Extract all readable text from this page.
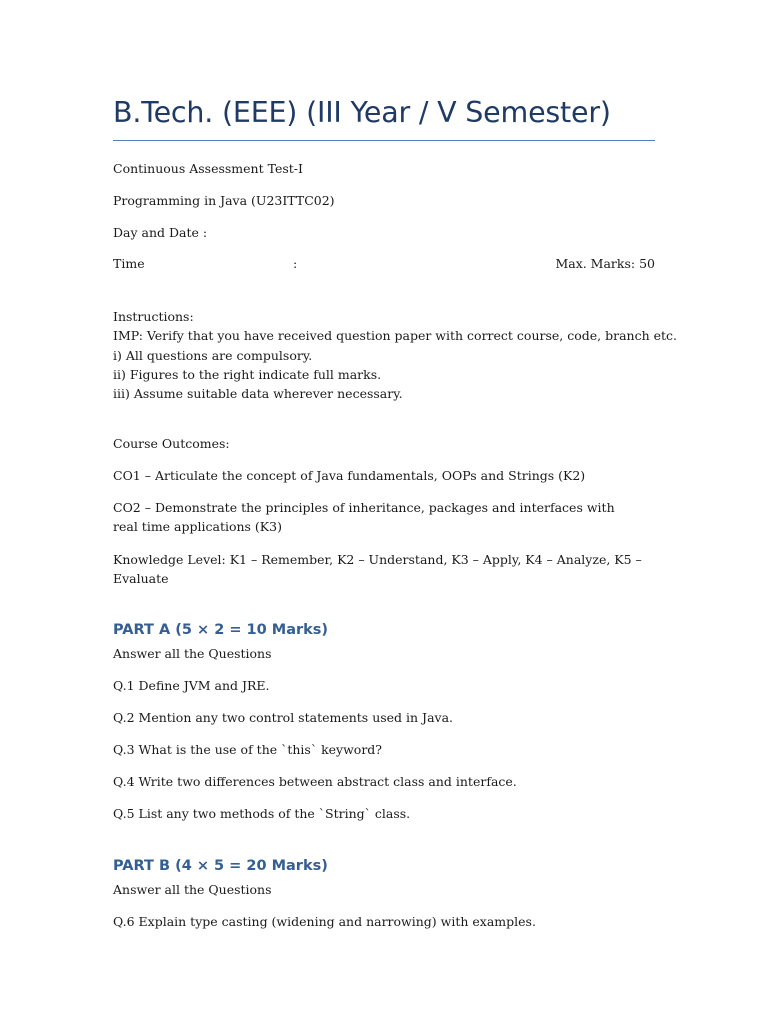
B.Tech. (EEE) (III Year / V Semester)
Continuous Assessment Test-I
Programming in Java (U23ITTC02)
Day and Date :
Time	:	Max. Marks: 50
Instructions:
IMP: Verify that you have received question paper with correct course, code, branch etc.
i) All questions are compulsory.
ii) Figures to the right indicate full marks.
iii) Assume suitable data wherever necessary.
Course Outcomes:
CO1 – Articulate the concept of Java fundamentals, OOPs and Strings (K2)
CO2 – Demonstrate the principles of inheritance, packages and interfaces with real time applications (K3)
Knowledge Level: K1 – Remember, K2 – Understand, K3 – Apply, K4 – Analyze, K5 – Evaluate
PART A (5 × 2 = 10 Marks)
Answer all the Questions
Q.1 Define JVM and JRE.
Q.2 Mention any two control statements used in Java.
Q.3 What is the use of the `this` keyword?
Q.4 Write two differences between abstract class and interface.
Q.5 List any two methods of the `String` class.
PART B (4 × 5 = 20 Marks)
Answer all the Questions
Q.6 Explain type casting (widening and narrowing) with examples.
